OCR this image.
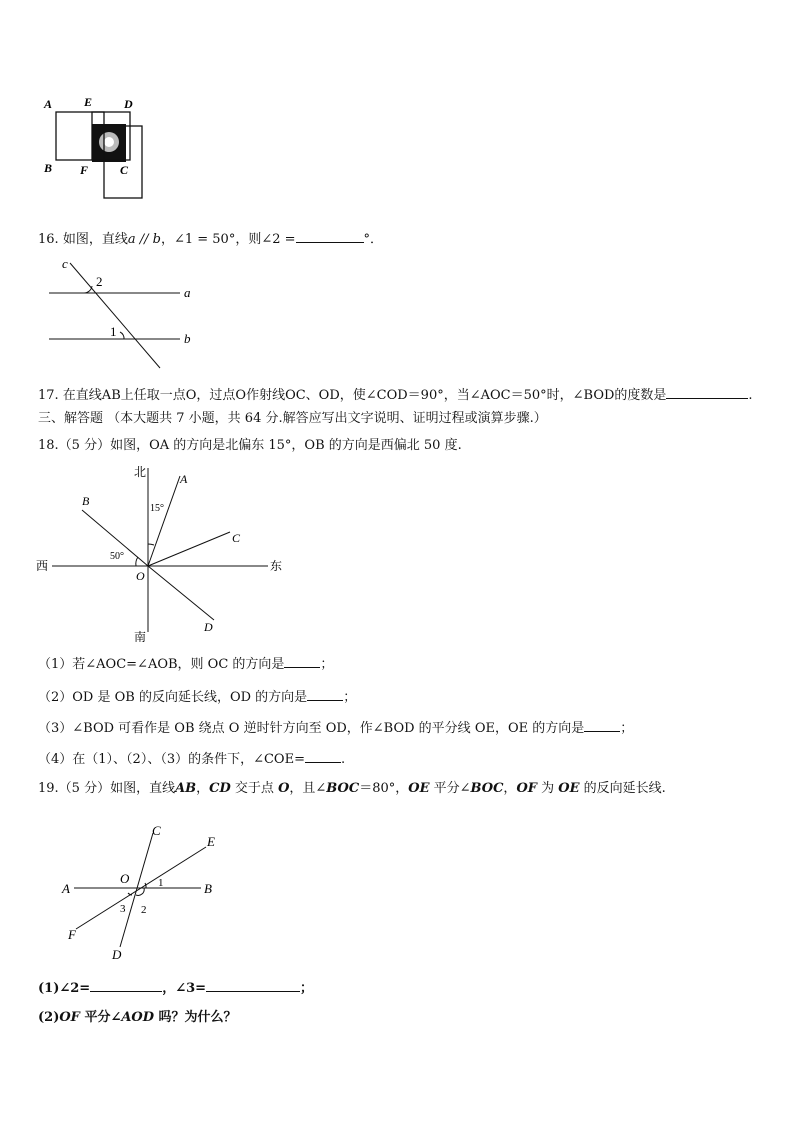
A	E	D
B F	C
16. 如图，直线a // b，∠1 = 50°，则∠2 =	°．
c
a
b
2
1
17. 在直线AB上任取一点O，过点O作射线OC、OD，使∠COD＝90°，当∠AOC＝50°时，∠BOD的度数是	.
三、解答题 （本大题共 7 小题，共 64 分.解答应写出文字说明、证明过程或演算步骤.）
18.（5 分）如图，OA 的方向是北偏东 15°，OB 的方向是西偏北 50 度.
北
南
西	东
A
B
C
D
O
15°
50°
（1）若∠AOC=∠AOB，则 OC 的方向是	；
（2）OD 是 OB 的反向延长线，OD 的方向是	；
（3）∠BOD 可看作是 OB 绕点 O 逆时针方向至 OD，作∠BOD 的平分线 OE，OE 的方向是	；
（4）在（1）、（2）、（3）的条件下，∠COE=	.
19.（5 分）如图，直线AB，CD 交于点 O，且∠BOC＝80°，OE 平分∠BOC，OF 为 OE 的反向延长线.
A	B
C
D
E
F
O	1
2
3
(1)∠2=	，∠3=	；
(2)OF 平分∠AOD 吗？为什么？
